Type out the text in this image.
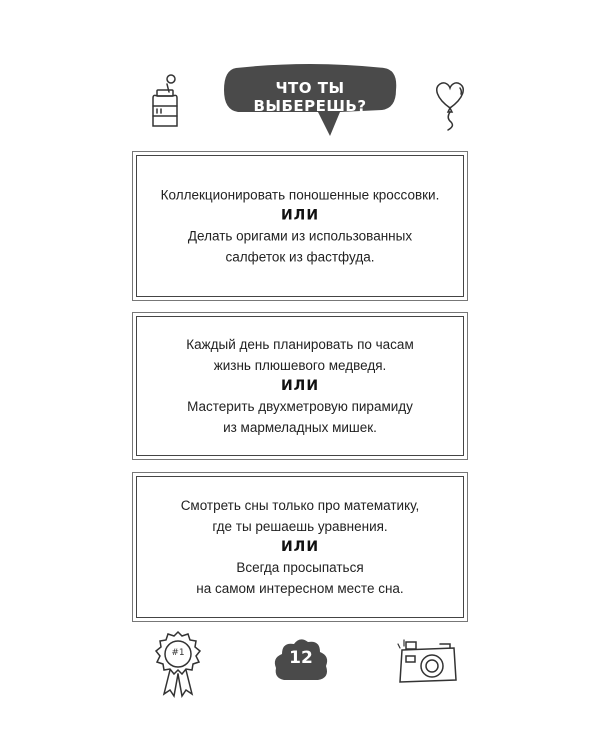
ЧТО ТЫ ВЫБЕРЕШЬ?
Коллекционировать поношенные кроссовки.
ИЛИ
Делать оригами из использованных
салфеток из фастфуда.
Каждый день планировать по часам
жизнь плюшевого медведя.
ИЛИ
Мастерить двухметровую пирамиду
из мармеладных мишек.
Смотреть сны только про математику,
где ты решаешь уравнения.
ИЛИ
Всегда просыпаться
на самом интересном месте сна.
#1	12
